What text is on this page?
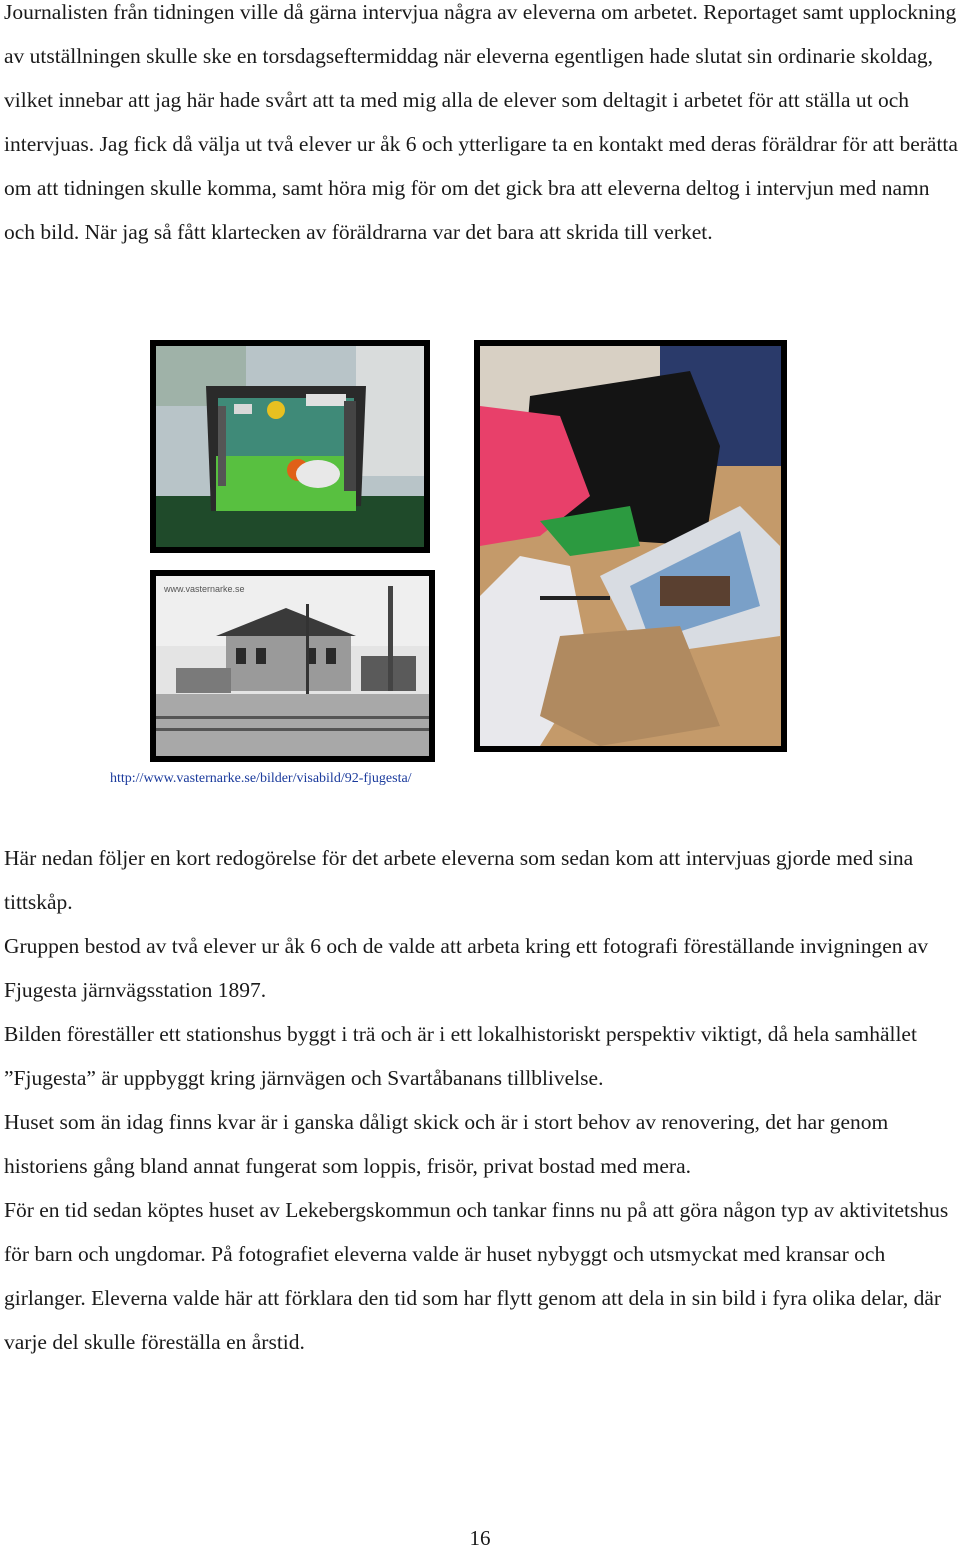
Journalisten från tidningen ville då gärna intervjua några av eleverna om arbetet. Reportaget samt upplockning av utställningen skulle ske en torsdagseftermiddag när eleverna egentligen hade slutat sin ordinarie skoldag, vilket innebar att jag här hade svårt att ta med mig alla de elever som deltagit i arbetet för att ställa ut och intervjuas. Jag fick då välja ut två elever ur åk 6 och ytterligare ta en kontakt med deras föräldrar för att berätta om att tidningen skulle komma, samt höra mig för om det gick bra att eleverna deltog i intervjun med namn och bild. När jag så fått klartecken av föräldrarna var det bara att skrida till verket.

www.vasternarke.se
http://www.vasternarke.se/bilder/visabild/92-fjugesta/
Här nedan följer en kort redogörelse för det arbete eleverna som sedan kom att intervjuas gjorde med sina tittskåp.
Gruppen bestod av två elever ur åk 6 och de valde att arbeta kring ett fotografi föreställande invigningen av Fjugesta järnvägsstation 1897.
Bilden föreställer ett stationshus byggt i trä och är i ett lokalhistoriskt perspektiv viktigt, då hela samhället ”Fjugesta” är uppbyggt kring järnvägen och Svartåbanans tillblivelse.
Huset som än idag finns kvar är i ganska dåligt skick och är i stort behov av renovering, det har genom historiens gång bland annat fungerat som loppis, frisör, privat bostad med mera.
För en tid sedan köptes huset av Lekebergskommun och tankar finns nu på att göra någon typ av aktivitetshus för barn och ungdomar. På fotografiet eleverna valde är huset nybyggt och utsmyckat med kransar och girlanger. Eleverna valde här att förklara den tid som har flytt genom att dela in sin bild i fyra olika delar, där varje del skulle föreställa en årstid.
16
